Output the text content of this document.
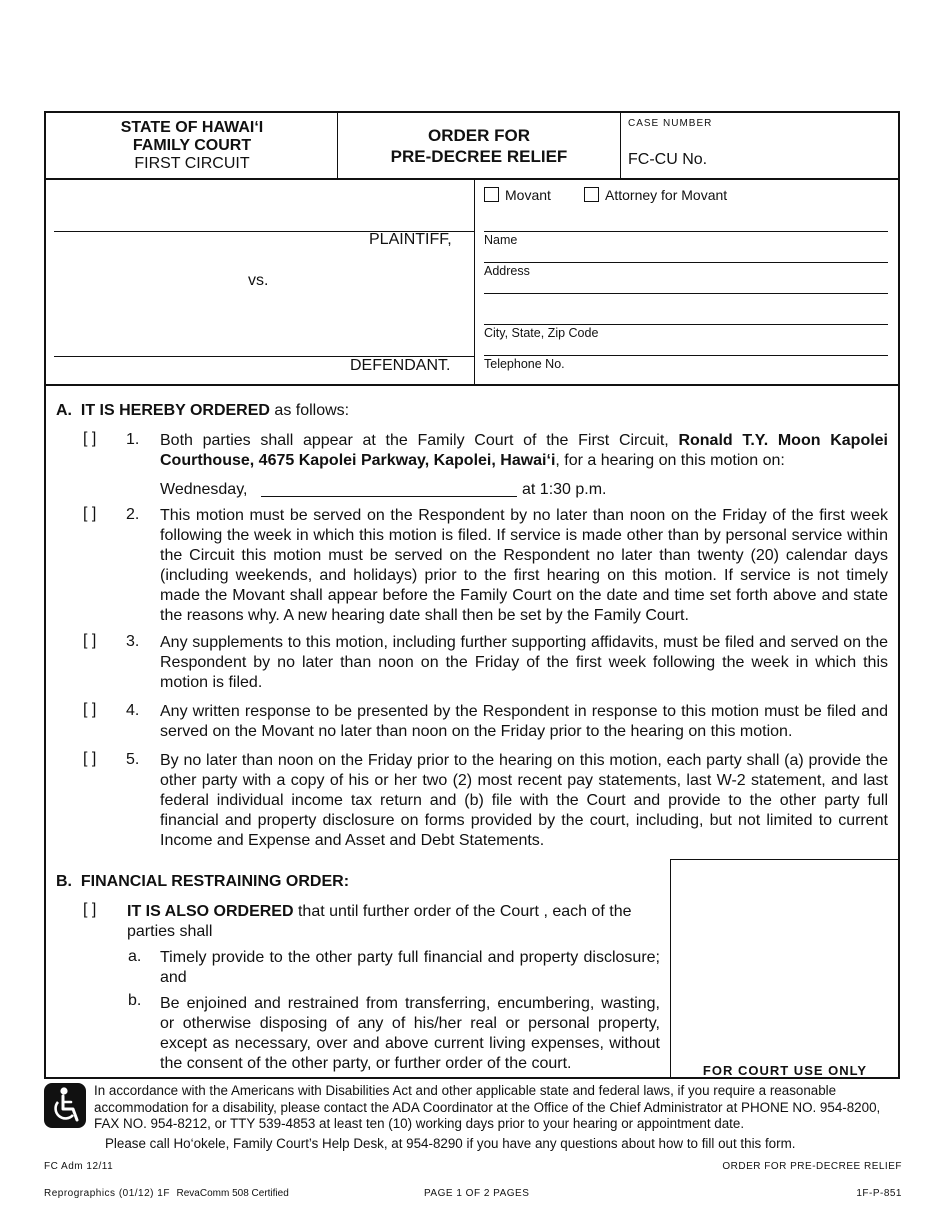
STATE OF HAWAI‘I
FAMILY COURT
FIRST CIRCUIT
ORDER FOR
PRE-DECREE RELIEF
CASE NUMBER
FC-CU No.
PLAINTIFF,
vs.
DEFENDANT.
Movant	Attorney for Movant
Name
Address
City, State, Zip Code
Telephone No.
A. IT IS HEREBY ORDERED as follows:
[ ] 1. Both parties shall appear at the Family Court of the First Circuit, Ronald T.Y. Moon Kapolei Courthouse, 4675 Kapolei Parkway, Kapolei, Hawai‘i, for a hearing on this motion on:
Wednesday,	at 1:30 p.m.
[ ] 2. This motion must be served on the Respondent by no later than noon on the Friday of the first week following the week in which this motion is filed. If service is made other than by personal service within the Circuit this motion must be served on the Respondent no later than twenty (20) calendar days (including weekends, and holidays) prior to the first hearing on this motion. If service is not timely made the Movant shall appear before the Family Court on the date and time set forth above and state the reasons why. A new hearing date shall then be set by the Family Court.
[ ] 3. Any supplements to this motion, including further supporting affidavits, must be filed and served on the Respondent by no later than noon on the Friday of the first week following the week in which this motion is filed.
[ ] 4. Any written response to be presented by the Respondent in response to this motion must be filed and served on the Movant no later than noon on the Friday prior to the hearing on this motion.
[ ] 5. By no later than noon on the Friday prior to the hearing on this motion, each party shall (a) provide the other party with a copy of his or her two (2) most recent pay statements, last W-2 statement, and last federal individual income tax return and (b) file with the Court and provide to the other party full financial and property disclosure on forms provided by the court, including, but not limited to current Income and Expense and Asset and Debt Statements.
FOR COURT USE ONLY
B. FINANCIAL RESTRAINING ORDER:
[ ] IT IS ALSO ORDERED that until further order of the Court , each of the parties shall
a. Timely provide to the other party full financial and property disclosure; and
b. Be enjoined and restrained from transferring, encumbering, wasting, or otherwise disposing of any of his/her real or personal property, except as necessary, over and above current living expenses, without the consent of the other party, or further order of the court.
In accordance with the Americans with Disabilities Act and other applicable state and federal laws, if you require a reasonable accommodation for a disability, please contact the ADA Coordinator at the Office of the Chief Administrator at PHONE NO. 954-8200, FAX NO. 954-8212, or TTY 539-4853 at least ten (10) working days prior to your hearing or appointment date.
Please call Ho‘okele, Family Court’s Help Desk, at 954-8290 if you have any questions about how to fill out this form.
FC Adm 12/11	ORDER FOR PRE-DECREE RELIEF
Reprographics (01/12) 1F RevaComm 508 Certified	PAGE 1 OF 2 PAGES	1F-P-851
